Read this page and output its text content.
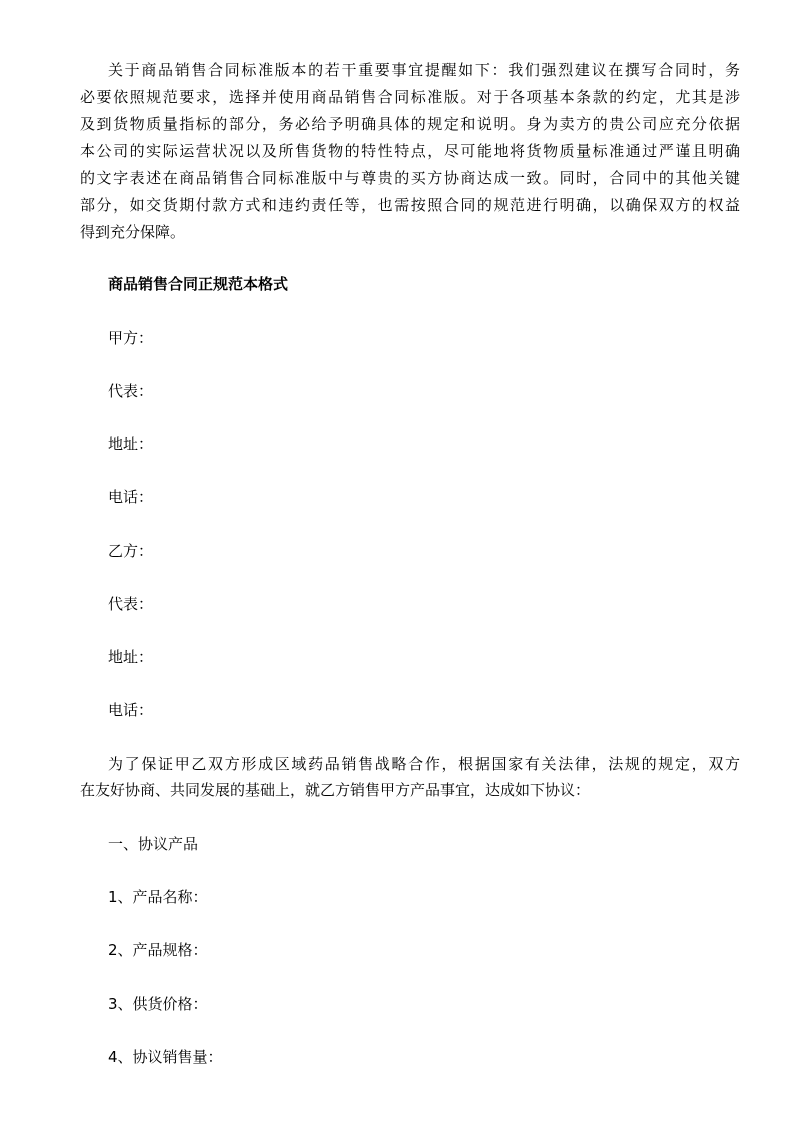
关于商品销售合同标准版本的若干重要事宜提醒如下：我们强烈建议在撰写合同时，务

必要依照规范要求，选择并使用商品销售合同标准版。对于各项基本条款的约定，尤其是涉

及到货物质量指标的部分，务必给予明确具体的规定和说明。身为卖方的贵公司应充分依据

本公司的实际运营状况以及所售货物的特性特点，尽可能地将货物质量标准通过严谨且明确

的文字表述在商品销售合同标准版中与尊贵的买方协商达成一致。同时，合同中的其他关键

部分，如交货期付款方式和违约责任等，也需按照合同的规范进行明确，以确保双方的权益

得到充分保障。

商品销售合同正规范本格式

甲方：

代表：

地址：

电话：

乙方：

代表：

地址：

电话：

为了保证甲乙双方形成区域药品销售战略合作，根据国家有关法律，法规的规定，双方

在友好协商、共同发展的基础上，就乙方销售甲方产品事宜，达成如下协议：

一、协议产品

1、产品名称：

2、产品规格：

3、供货价格：

4、协议销售量：
